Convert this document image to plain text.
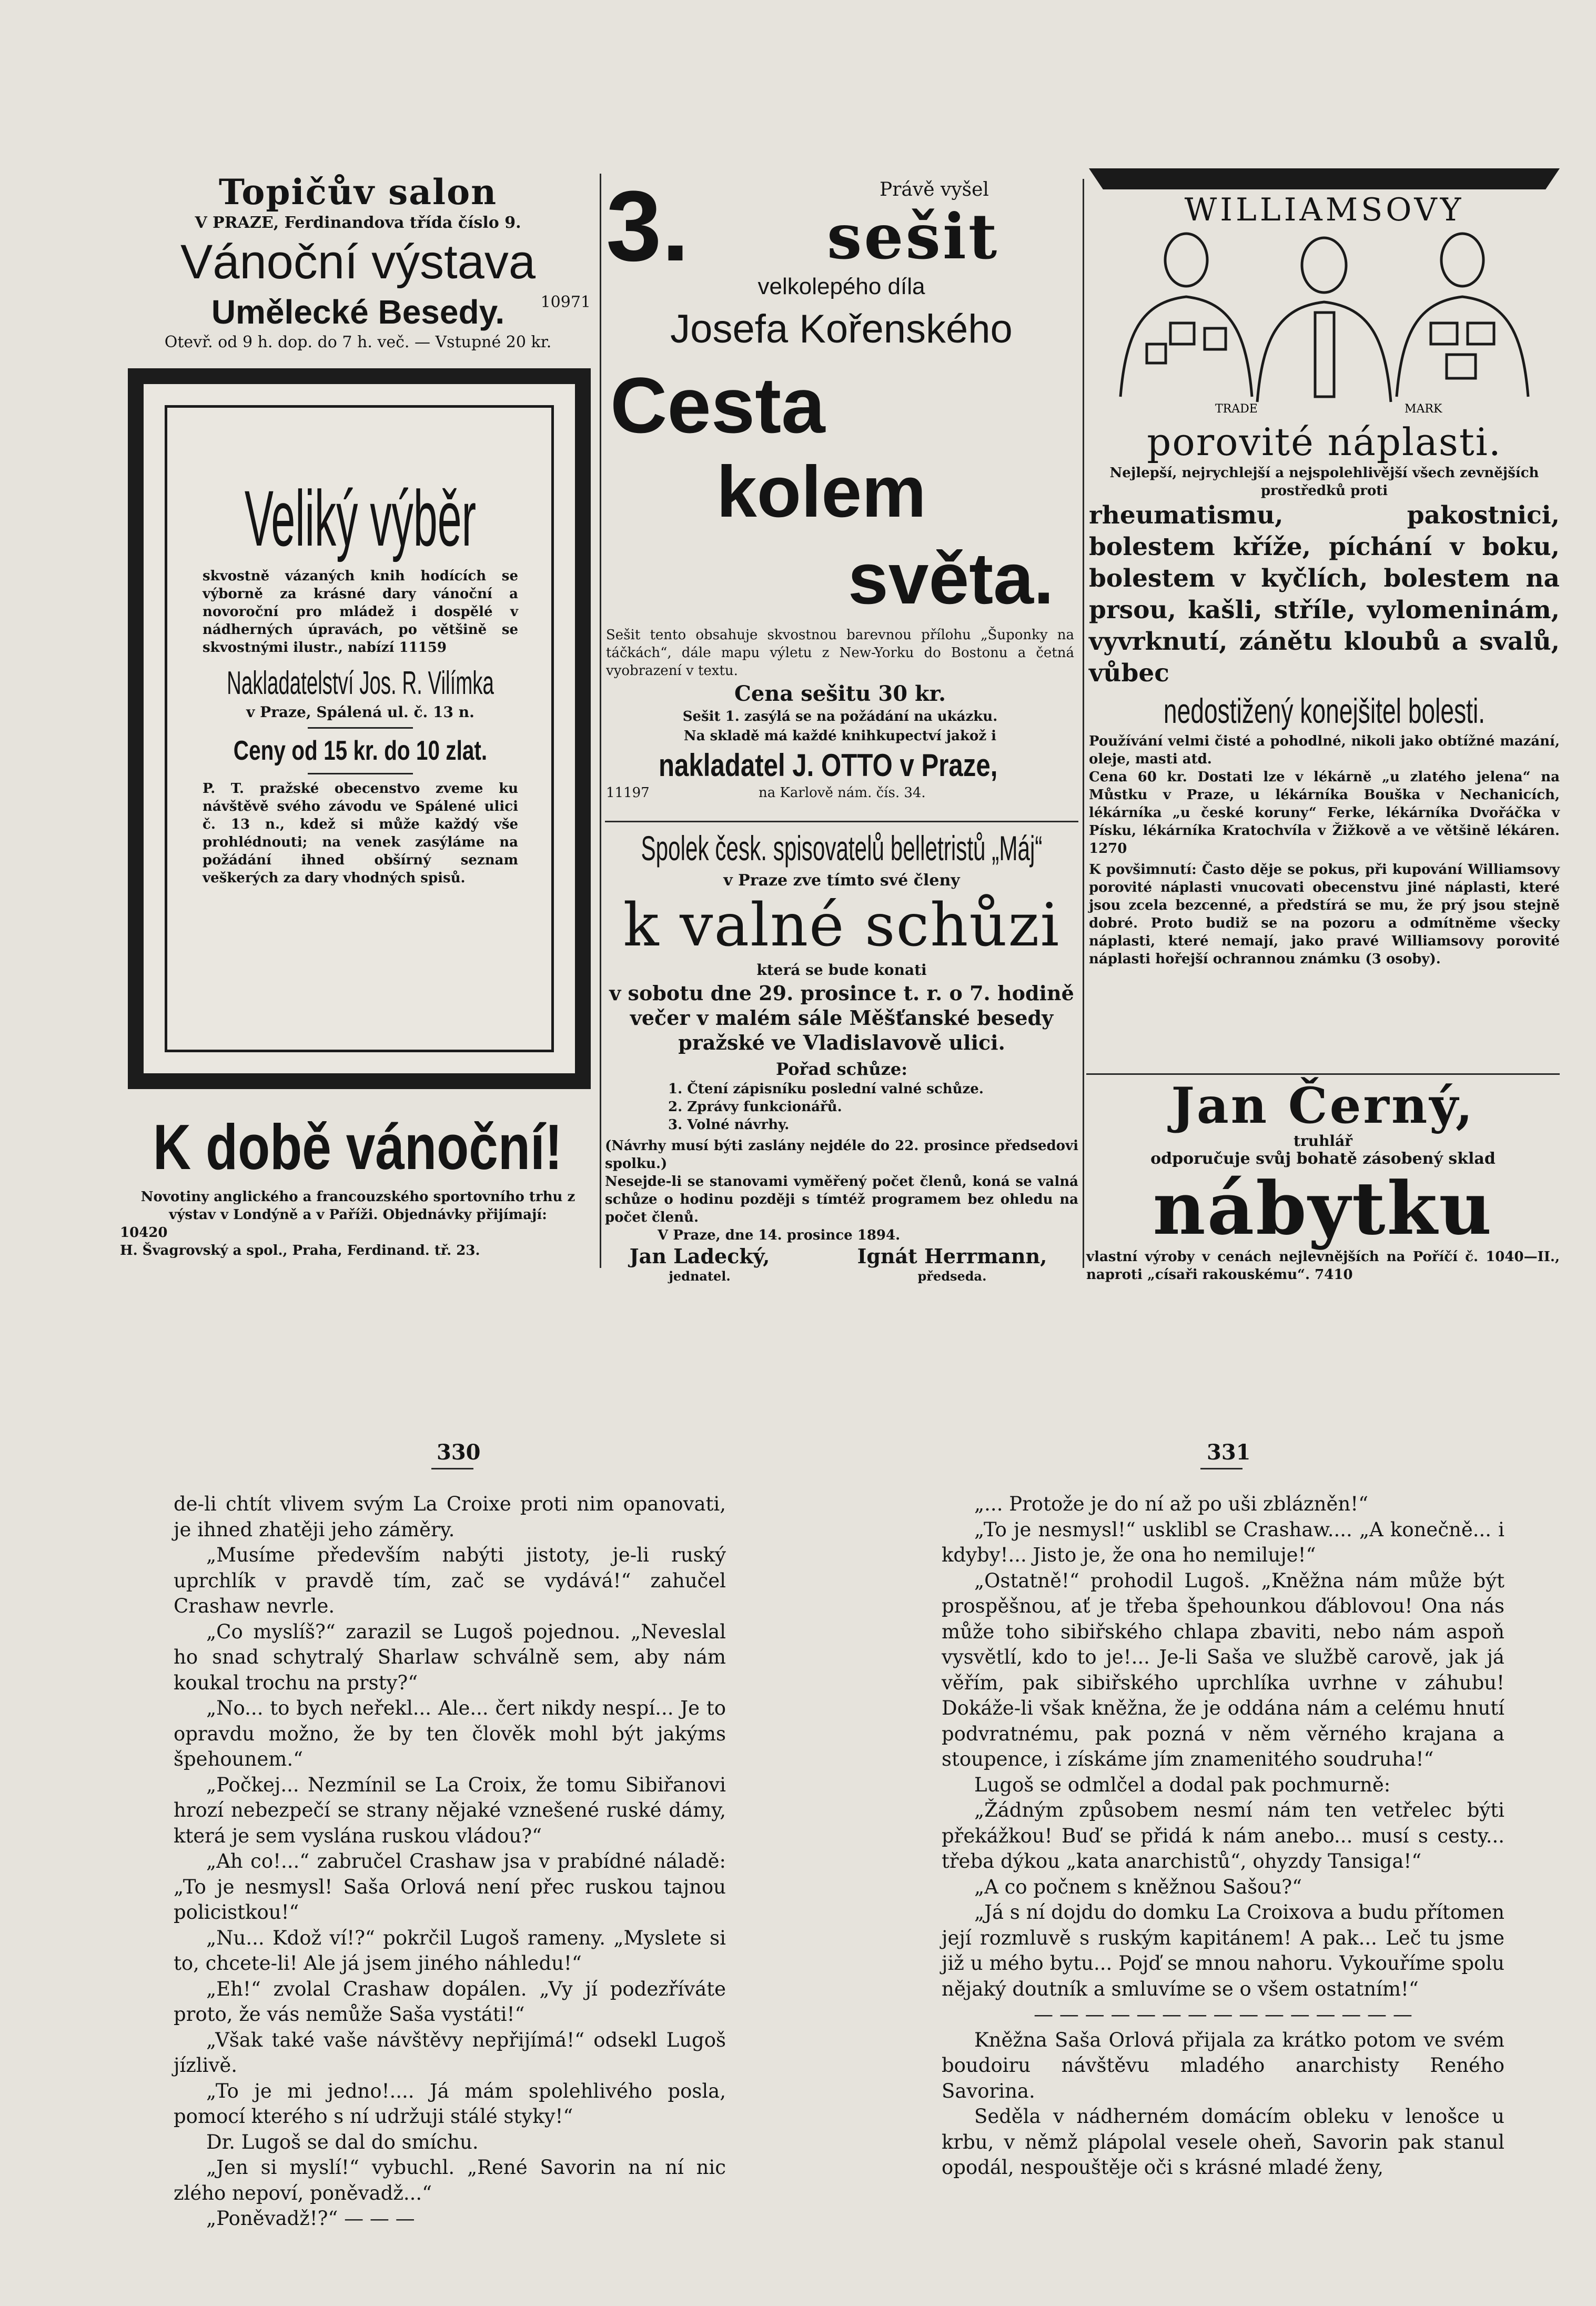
Topičův salon
V PRAZE, Ferdinandova třída číslo 9.
Vánoční výstava
Umělecké Besedy. 10971
Otevř. od 9 h. dop. do 7 h. več. — Vstupné 20 kr.
Veliký výběr
skvostně vázaných knih hodících se výborně za krásné dary vánoční a novoroční pro mládež i dospělé v nádherných úpravách, po většině se skvostnými ilustr., nabízí 11159
Nakladatelství Jos. R. Vilímka
v Praze, Spálená ul. č. 13 n.
Ceny od 15 kr. do 10 zlat.
P. T. pražské obecenstvo zveme ku návštěvě svého závodu ve Spálené ulici č. 13 n., kdež si může každý vše prohlédnouti; na venek zasýláme na požádání ihned obšírný seznam veškerých za dary vhodných spisů.
K době vánoční!
Novotiny anglického a francouzského sportovního trhu z výstav v Londýně a v Paříži. Objednávky přijímají:
10420
H. Švagrovský a spol., Praha, Ferdinand. tř. 23.
3.	Právě vyšel
sešit
velkolepého díla
Josefa Kořenského
Cesta
kolem
světa.
Sešit tento obsahuje skvostnou barevnou přílohu „Šuponky na táčkách“, dále mapu výletu z New-Yorku do Bostonu a četná vyobrazení v textu.
Cena sešitu 30 kr.
Sešit 1. zasýlá se na požádání na ukázku.
Na skladě má každé knihkupectví jakož i
nakladatel J. OTTO v Praze,
11197	na Karlově nám. čís. 34.
Spolek česk. spisovatelů belletristů „Máj“
v Praze zve tímto své členy
k valné schůzi
která se bude konati
v sobotu dne 29. prosince t. r. o 7. hodině večer v malém sále Měšťanské besedy pražské ve Vladislavově ulici.
Pořad schůze:
1. Čtení zápisníku poslední valné schůze.
2. Zprávy funkcionářů.
3. Volné návrhy.
(Návrhy musí býti zaslány nejdéle do 22. prosince předsedovi spolku.)
Nesejde-li se stanovami vyměřený počet členů, koná se valná schůze o hodinu později s tímtéž programem bez ohledu na počet členů.
V Praze, dne 14. prosince 1894.
Jan Ladecký,
jednatel.
Ignát Herrmann,
předseda.
WILLIAMSOVY
TRADE	MARK
porovité náplasti.
Nejlepší, nejrychlejší a nejspolehlivější všech zevnějších prostředků proti
rheumatismu, pakostnici, bolestem kříže, píchání v boku, bolestem v kyčlích, bolestem na prsou, kašli, stříle, vylomeninám, vyvrknutí, zánětu kloubů a svalů, vůbec
nedostižený konejšitel bolesti.
Používání velmi čisté a pohodlné, nikoli jako obtížné mazání, oleje, masti atd.
Cena 60 kr. Dostati lze v lékárně „u zlatého jelena“ na Můstku v Praze, u lékárníka Bouška v Nechanicích, lékárníka „u české koruny“ Ferke, lékárníka Dvořáčka v Písku, lékárníka Kratochvíla v Žižkově a ve většině lékáren. 1270
K povšimnutí: Často děje se pokus, při kupování Williamsovy porovité náplasti vnucovati obecenstvu jiné náplasti, které jsou zcela bezcenné, a předstírá se mu, že prý jsou stejně dobré. Proto budiž se na pozoru a odmítněme všecky náplasti, které nemají, jako pravé Williamsovy porovité náplasti hořejší ochrannou známku (3 osoby).
Jan Černý,
truhlář
odporučuje svůj bohatě zásobený sklad
nábytku
vlastní výroby v cenách nejlevnějších na Poříčí č. 1040—II., naproti „císaři rakouskému“. 7410
330	331

de-li chtít vlivem svým La Croixe proti nim opanovati, je ihned zhatěji jeho záměry.

„Musíme především nabýti jistoty, je-li ruský uprchlík v pravdě tím, zač se vydává!“ zahučel Crashaw nevrle.

„Co myslíš?“ zarazil se Lugoš pojednou. „Neveslal ho snad schytralý Sharlaw schválně sem, aby nám koukal trochu na prsty?“

„No... to bych neřekl... Ale... čert nikdy nespí... Je to opravdu možno, že by ten člověk mohl být jakýms špehounem.“

„Počkej... Nezmínil se La Croix, že tomu Sibiřanovi hrozí nebezpečí se strany nějaké vznešené ruské dámy, která je sem vyslána ruskou vládou?“

„Ah co!...“ zabručel Crashaw jsa v prabídné náladě: „To je nesmysl! Saša Orlová není přec ruskou tajnou policistkou!“

„Nu... Kdož ví!?“ pokrčil Lugoš rameny. „Myslete si to, chcete-li! Ale já jsem jiného náhledu!“

„Eh!“ zvolal Crashaw dopálen. „Vy jí podezříváte proto, že vás nemůže Saša vystáti!“

„Však také vaše návštěvy nepřijímá!“ odsekl Lugoš jízlivě.

„To je mi jedno!.... Já mám spolehlivého posla, pomocí kterého s ní udržuji stálé styky!“

Dr. Lugoš se dal do smíchu.

„Jen si myslí!“ vybuchl. „René Savorin na ní nic zlého nepoví, poněvadž...“

„Poněvadž!?“ — — —

„... Protože je do ní až po uši zblázněn!“

„To je nesmysl!“ usklibl se Crashaw.... „A konečně... i kdyby!... Jisto je, že ona ho nemiluje!“

„Ostatně!“ prohodil Lugoš. „Kněžna nám může být prospěšnou, ať je třeba špehounkou ďáblovou! Ona nás může toho sibiřského chlapa zbaviti, nebo nám aspoň vysvětlí, kdo to je!... Je-li Saša ve službě carově, jak já věřím, pak sibiřského uprchlíka uvrhne v záhubu! Dokáže-li však kněžna, že je oddána nám a celému hnutí podvratnému, pak pozná v něm věrného krajana a stoupence, i získáme jím znamenitého soudruha!“

Lugoš se odmlčel a dodal pak pochmurně:

„Žádným způsobem nesmí nám ten vetřelec býti překážkou! Buď se přidá k nám anebo... musí s cesty... třeba dýkou „kata anarchistů“, ohyzdy Tansiga!“

„A co počnem s kněžnou Sašou?“

„Já s ní dojdu do domku La Croixova a budu přítomen její rozmluvě s ruským kapitánem! A pak... Leč tu jsme již u mého bytu... Pojď se mnou nahoru. Vykouříme spolu nějaký doutník a smluvíme se o všem ostatním!“

— — — — — — — — — — — — — — —

Kněžna Saša Orlová přijala za krátko potom ve svém boudoiru návštěvu mladého anarchisty Reného Savorina.

Seděla v nádherném domácím obleku v lenošce u krbu, v němž plápolal vesele oheň, Savorin pak stanul opodál, nespouštěje oči s krásné mladé ženy,
